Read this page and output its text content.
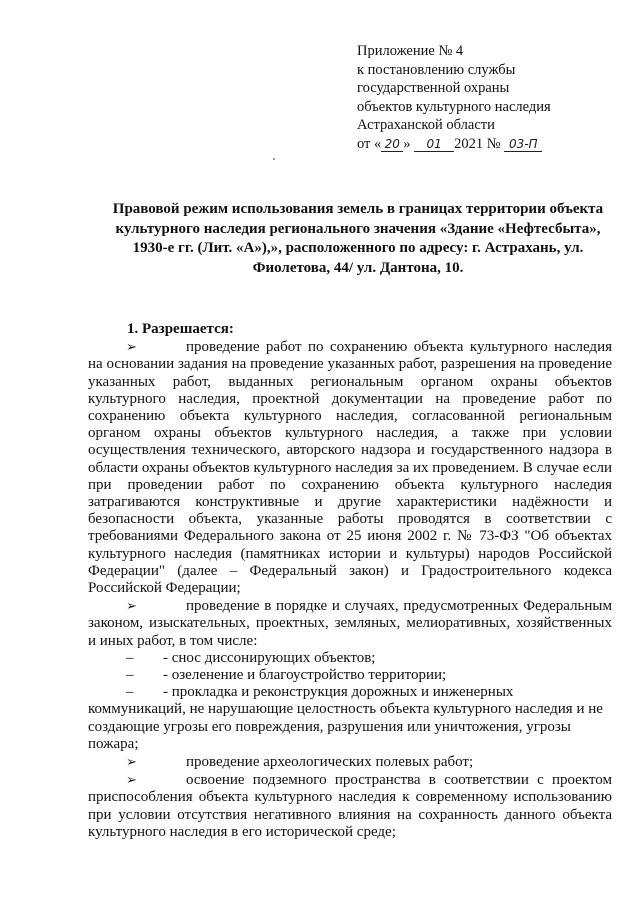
Приложение № 4
к постановлению службы
государственной охраны
объектов культурного наследия
Астраханской области
от « 20 » 01 2021 № 03-П
Правовой режим использования земель в границах территории объекта культурного наследия регионального значения «Здание «Нефтесбыта», 1930-е гг. (Лит. «А»),», расположенного по адресу: г. Астрахань, ул. Фиолетова, 44/ ул. Дантона, 10.
1. Разрешается:

➢	проведение работ по сохранению объекта культурного наследия на основании задания на проведение указанных работ, разрешения на проведение указанных работ, выданных региональным органом охраны объектов культурного наследия, проектной документации на проведение работ по сохранению объекта культурного наследия, согласованной региональным органом охраны объектов культурного наследия, а также при условии осуществления технического, авторского надзора и государственного надзора в области охраны объектов культурного наследия за их проведением. В случае если при проведении работ по сохранению объекта культурного наследия затрагиваются конструктивные и другие характеристики надёжности и безопасности объекта, указанные работы проводятся в соответствии с требованиями Федерального закона от 25 июня 2002 г. № 73-ФЗ "Об объектах культурного наследия (памятниках истории и культуры) народов Российской Федерации" (далее – Федеральный закон) и Градостроительного кодекса Российской Федерации;

➢	проведение в порядке и случаях, предусмотренных Федеральным законом, изыскательных, проектных, земляных, мелиоративных, хозяйственных и иных работ, в том числе:

– - снос диссонирующих объектов;

– - озеленение и благоустройство территории;

– - прокладка и реконструкция дорожных и инженерных коммуникаций, не нарушающие целостность объекта культурного наследия и не создающие угрозы его повреждения, разрушения или уничтожения, угрозы пожара;

➢	проведение археологических полевых работ;

➢	освоение подземного пространства в соответствии с проектом приспособления объекта культурного наследия к современному использованию при условии отсутствия негативного влияния на сохранность данного объекта культурного наследия в его исторической среде;
